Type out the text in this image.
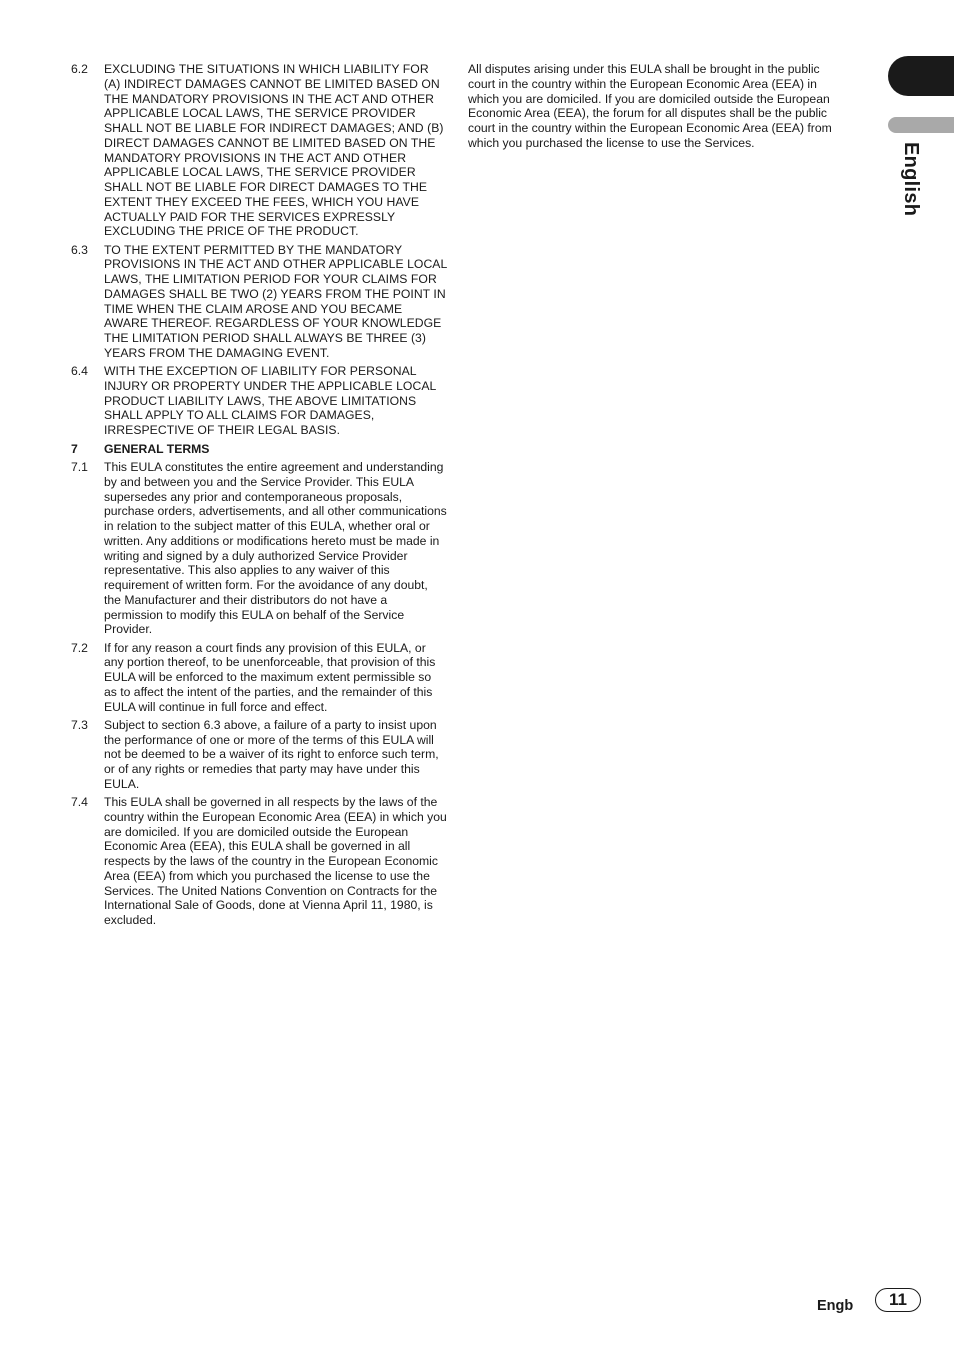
6.2	EXCLUDING THE SITUATIONS IN WHICH LIABILITY FOR (A) INDIRECT DAMAGES CANNOT BE LIMITED BASED ON THE MANDATORY PROVISIONS IN THE ACT AND OTHER APPLICABLE LOCAL LAWS, THE SERVICE PROVIDER SHALL NOT BE LIABLE FOR INDIRECT DAMAGES; AND (B) DIRECT DAMAGES CANNOT BE LIMITED BASED ON THE MANDATORY PROVISIONS IN THE ACT AND OTHER APPLICABLE LOCAL LAWS, THE SERVICE PROVIDER SHALL NOT BE LIABLE FOR DIRECT DAMAGES TO THE EXTENT THEY EXCEED THE FEES, WHICH YOU HAVE ACTUALLY PAID FOR THE SERVICES EXPRESSLY EXCLUDING THE PRICE OF THE PRODUCT.

6.3	TO THE EXTENT PERMITTED BY THE MANDATORY PROVISIONS IN THE ACT AND OTHER APPLICABLE LOCAL LAWS, THE LIMITATION PERIOD FOR YOUR CLAIMS FOR DAMAGES SHALL BE TWO (2) YEARS FROM THE POINT IN TIME WHEN THE CLAIM AROSE AND YOU BECAME AWARE THEREOF. REGARDLESS OF YOUR KNOWLEDGE THE LIMITATION PERIOD SHALL ALWAYS BE THREE (3) YEARS FROM THE DAMAGING EVENT.

6.4	WITH THE EXCEPTION OF LIABILITY FOR PERSONAL INJURY OR PROPERTY UNDER THE APPLICABLE LOCAL PRODUCT LIABILITY LAWS, THE ABOVE LIMITATIONS SHALL APPLY TO ALL CLAIMS FOR DAMAGES, IRRESPECTIVE OF THEIR LEGAL BASIS.

7	GENERAL TERMS
7.1	This EULA constitutes the entire agreement and understanding by and between you and the Service Provider. This EULA supersedes any prior and contemporaneous proposals, purchase orders, advertisements, and all other communications in relation to the subject matter of this EULA, whether oral or written. Any additions or modifications hereto must be made in writing and signed by a duly authorized Service Provider representative. This also applies to any waiver of this requirement of written form. For the avoidance of any doubt, the Manufacturer and their distributors do not have a permission to modify this EULA on behalf of the Service Provider.

7.2	If for any reason a court finds any provision of this EULA, or any portion thereof, to be unenforceable, that provision of this EULA will be enforced to the maximum extent permissible so as to affect the intent of the parties, and the remainder of this EULA will continue in full force and effect.

7.3	Subject to section 6.3 above, a failure of a party to insist upon the performance of one or more of the terms of this EULA will not be deemed to be a waiver of its right to enforce such term, or of any rights or remedies that party may have under this EULA.

7.4	This EULA shall be governed in all respects by the laws of the country within the European Economic Area (EEA) in which you are domiciled. If you are domiciled outside the European Economic Area (EEA), this EULA shall be governed in all respects by the laws of the country in the European Economic Area (EEA) from which you purchased the license to use the Services. The United Nations Convention on Contracts for the International Sale of Goods, done at Vienna April 11, 1980, is excluded.

All disputes arising under this EULA shall be brought in the public court in the country within the European Economic Area (EEA) in which you are domiciled. If you are domiciled outside the European Economic Area (EEA), the forum for all disputes shall be the public court in the country within the European Economic Area (EEA) from which you purchased the license to use the Services.	English
Engb	11
